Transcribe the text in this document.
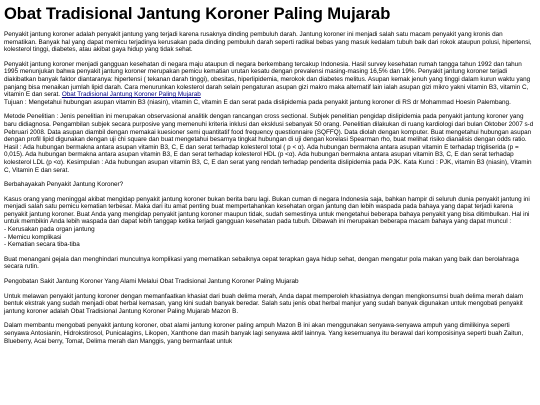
Obat Tradisional Jantung Koroner Paling Mujarab

Penyakit jantung koroner adalah penyakit jantung yang terjadi karena rusaknya dinding pembuluh darah. Jantung koroner ini menjadi salah satu macam penyakit yang kronis dan mematikan. Banyak hal yang dapat memicu terjadinya kerusakan pada dinding pembuluh darah seperti radikal bebas yang masuk kedalam tubuh baik dari rokok ataupun polusi, hipertensi, kolesterol tinggi, diabetes, atau akibat gaya hidup yang tidak sehat.

Penyakit jantung koroner menjadi gangguan kesehatan di negara maju ataupun di negara berkembang tercakup Indonesia. Hasil survey kesehatan rumah tangga tahun 1992 dan tahun 1995 menunjukan bahwa penyakit jantung koroner merupakan pemicu kematian urutan kesatu dengan prevalensi masing-masing 16,5% dan 19%. Penyakit jantung koroner terjadi diakibatkan banyak faktor diantaranya: hipertensi ( tekanan darah tinggi), obesitas, hiperlipidemia, merokok dan diabetes melitus. Asupan kemak jenuh yang tinggi dalam kurun waktu yang panjang bisa menaikan jumlah lipid darah. Cara menurunkan kolesterol darah selain pengaturan asupan gizi makro maka alternatif lain ialah asupan gizi mikro yakni vitamin B3, vitamin C, vitamin E dan serat. Obat Tradisional Jantung Koroner Paling Mujarab

Tujuan : Mengetahui hubungan asupan vitamin B3 (niasin), vitamin C, vitamin E dan serat pada dislipidemia pada penyakit jantung koroner di RS dr Mohammad Hoesin Palembang.

Metode Penelitian : Jenis penelitian ini merupakan observasional analitik dengan rancangan cross sectional. Subjek penelitian pengidap dislipidemia pada penyakit jantung koroner yang baru didiagnosa. Pengambilan subjek secara purposive yang memenuhi kriteria inklusi dan eksklusi sebanyak 50 orang. Penelitian dilakukan di ruang kardiologi dari bulan Oktober 2007 s-d Pebruari 2008. Data asupan diambil dengan memakai kuesioner semi quantitatif food frequency questionnaire (SQFFQ). Data diolah dengan komputer. Buat mengetahui hubungan asupan dengan profil lipid digunakan dengan uji chi square dan buat mengetahui besarnya tingkat hubungan di uji dengan korelasi Spearman rho, buat melihat risiko dianalisis dengan odds ratio. Hasil : Ada hubungan bermakna antara asupan vitamin B3, C, E dan serat terhadap kolesterol total ( p < α). Ada hubungan bermakna antara asupan vitamin E terhadap trigliserida (p = 0,015). Ada hubungan bermakna antara asupan vitamin B3, E dan serat terhadap kolesterol HDL (p <α). Ada hubungan bermakna antara asupan vitamin B3, C, E dan serat terhadap kolesterol LDL (p <α). Kesimpulan : Ada hubungan asupan vitamin B3, C, E dan serat yang rendah terhadap penderita dislipidemia pada PJK. Kata Kunci : PJK, vitamin B3 (niasin), Vitamin C, Vitamin E dan serat.

Berbahayakah Penyakit Jantung Koroner?

Kasus orang yang meninggal akibat mengidap penyakit jantung koroner bukan berita baru lagi. Bukan cuman di negara Indonesia saja, bahkan hampir di seluruh dunia penyakit jantung ini menjadi salah satu pemicu kematian terbesar. Maka dari itu amat penting buat mempertahankan kesehatan organ jantung dan lebih waspada pada bahaya yang dapat terjadi karena penyakit jantung koroner. Buat Anda yang mengidap penyakit jantung koroner maupun tidak, sudah semestinya untuk mengetahui beberapa bahaya penyakit yang bisa ditimbulkan. Hal ini untuk membikin Anda lebih waspada dan dapat lebih tanggap ketika terjadi gangguan kesehatan pada tubuh. Dibawah ini merupakan beberapa macam bahaya yang dapat muncul :

- Kerusakan pada organ jantung
- Memicu komplikasi
- Kematian secara tiba-tiba

Buat menangani gejala dan menghindari munculnya komplikasi yang mematikan sebaiknya cepat terapkan gaya hidup sehat, dengan mengatur pola makan yang baik dan berolahraga secara rutin.

Pengobatan Sakit Jantung Koroner Yang Alami Melalui Obat Tradisional Jantung Koroner Paling Mujarab

Untuk melawan penyakit jantung koroner dengan memanfaatkan khasiat dari buah delima merah, Anda dapat memperoleh khasiatnya dengan mengkonsumsi buah delima merah dalam bentuk ekstrak yang sudah menjadi obat herbal kemasan, yang kini sudah banyak beredar. Salah satu jenis obat herbal manjur yang sudah banyak digunakan untuk mengobati penyakit jantung koroner adalah Obat Tradisional Jantung Koroner Paling Mujarab Mazon B.

Dalam membantu mengobati penyakit jantung koroner, obat alami jantung koroner paling ampuh Mazon B ini akan menggunakan senyawa-senyawa ampuh yang dimilikinya seperti senyawa Antosianin, Hidrokstirosol, Punicalagins, Likopen, Xanthone dan masih banyak lagi senyawa aktif lainnya. Yang kesemuanya itu berawal dari komposisinya seperti buah Zaitun, Blueberry, Acai berry, Tomat, Delima merah dan Manggis, yang bermanfaat untuk
